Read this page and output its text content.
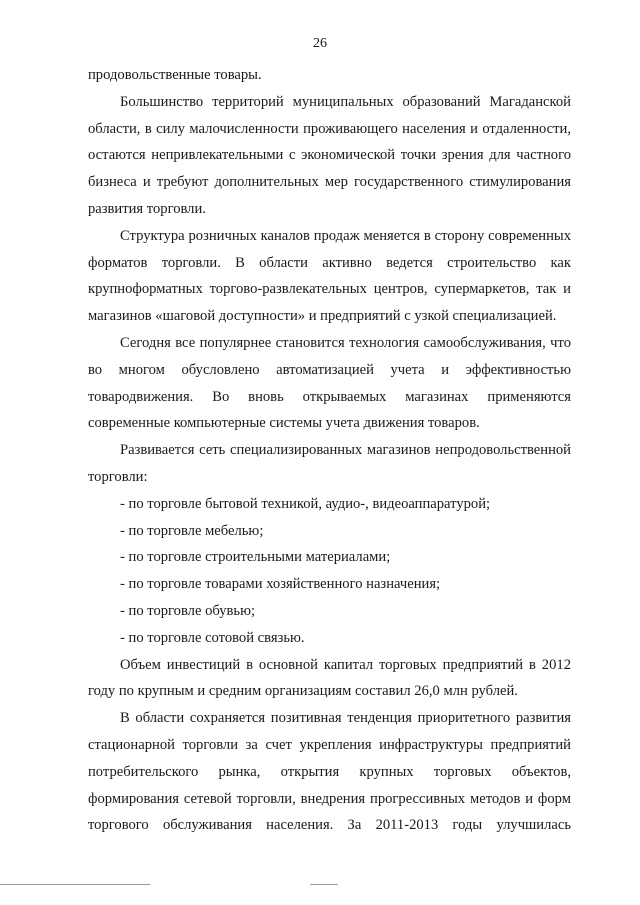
26

продовольственные товары.

Большинство территорий муниципальных образований Магаданской области, в силу малочисленности проживающего населения и отдаленности, остаются непривлекательными с экономической точки зрения для частного бизнеса и требуют дополнительных мер государственного стимулирования развития торговли.

Структура розничных каналов продаж меняется в сторону современных форматов торговли. В области активно ведется строительство как крупноформатных торгово-развлекательных центров, супермаркетов, так и магазинов «шаговой доступности» и предприятий с узкой специализацией.

Сегодня все популярнее становится технология самообслуживания, что во многом обусловлено автоматизацией учета и эффективностью товародвижения. Во вновь открываемых магазинах применяются современные компьютерные системы учета движения товаров.

Развивается сеть специализированных магазинов непродовольственной торговли:

- по торговле бытовой техникой, аудио-, видеоаппаратурой;

- по торговле мебелью;

- по торговле строительными материалами;

- по торговле товарами хозяйственного назначения;

- по торговле обувью;

- по торговле сотовой связью.

Объем инвестиций в основной капитал торговых предприятий в 2012 году по крупным и средним организациям составил 26,0 млн рублей.

В области сохраняется позитивная тенденция приоритетного развития стационарной торговли за счет укрепления инфраструктуры предприятий потребительского рынка, открытия крупных торговых объектов, формирования сетевой торговли, внедрения прогрессивных методов и форм торгового обслуживания населения. За 2011-2013 годы улучшилась
